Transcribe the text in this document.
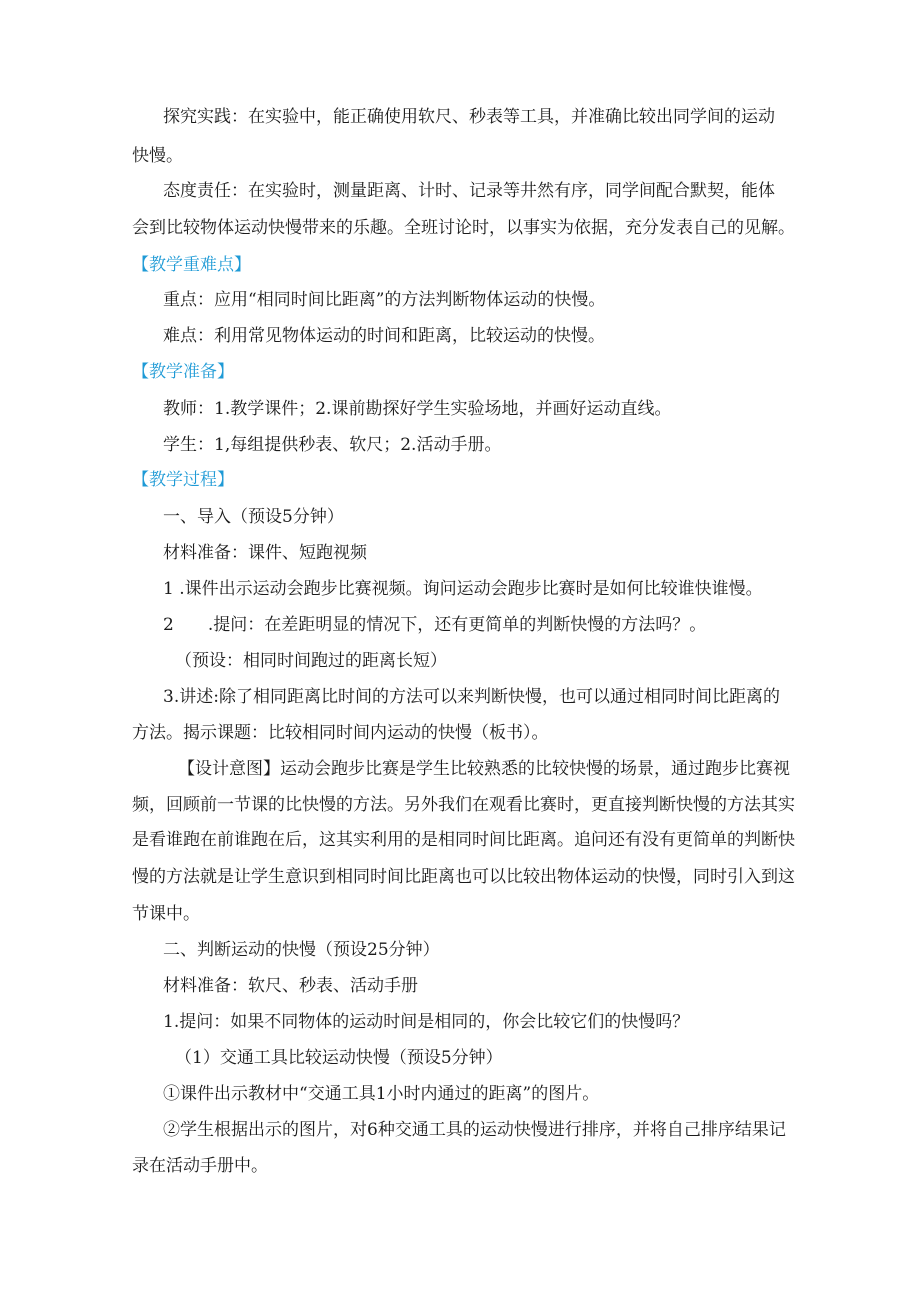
探究实践：在实验中，能正确使用软尺、秒表等工具，并准确比较出同学间的运动
快慢。
态度责任：在实验时，测量距离、计时、记录等井然有序，同学间配合默契，能体
会到比较物体运动快慢带来的乐趣。全班讨论时，以事实为依据，充分发表自己的见解。
【教学重难点】
重点：应用“相同时间比距离”的方法判断物体运动的快慢。
难点：利用常见物体运动的时间和距离，比较运动的快慢。
【教学准备】
教师：1.教学课件；2.课前勘探好学生实验场地，并画好运动直线。
学生：1,每组提供秒表、软尺；2.活动手册。
【教学过程】
一、导入（预设5分钟）
材料准备：课件、短跑视频
1 .课件出示运动会跑步比赛视频。询问运动会跑步比赛时是如何比较谁快谁慢。
2　　.提问：在差距明显的情况下，还有更简单的判断快慢的方法吗？。
（预设：相同时间跑过的距离长短）
3.讲述:除了相同距离比时间的方法可以来判断快慢，也可以通过相同时间比距离的
方法。揭示课题：比较相同时间内运动的快慢（板书）。
【设计意图】运动会跑步比赛是学生比较熟悉的比较快慢的场景，通过跑步比赛视
频，回顾前一节课的比快慢的方法。另外我们在观看比赛时，更直接判断快慢的方法其实
是看谁跑在前谁跑在后，这其实利用的是相同时间比距离。追问还有没有更简单的判断快
慢的方法就是让学生意识到相同时间比距离也可以比较出物体运动的快慢，同时引入到这
节课中。
二、判断运动的快慢（预设25分钟）
材料准备：软尺、秒表、活动手册
1.提问：如果不同物体的运动时间是相同的，你会比较它们的快慢吗？
（1）交通工具比较运动快慢（预设5分钟）
①课件出示教材中“交通工具1小时内通过的距离”的图片。
②学生根据出示的图片，对6种交通工具的运动快慢进行排序，并将自己排序结果记
录在活动手册中。
